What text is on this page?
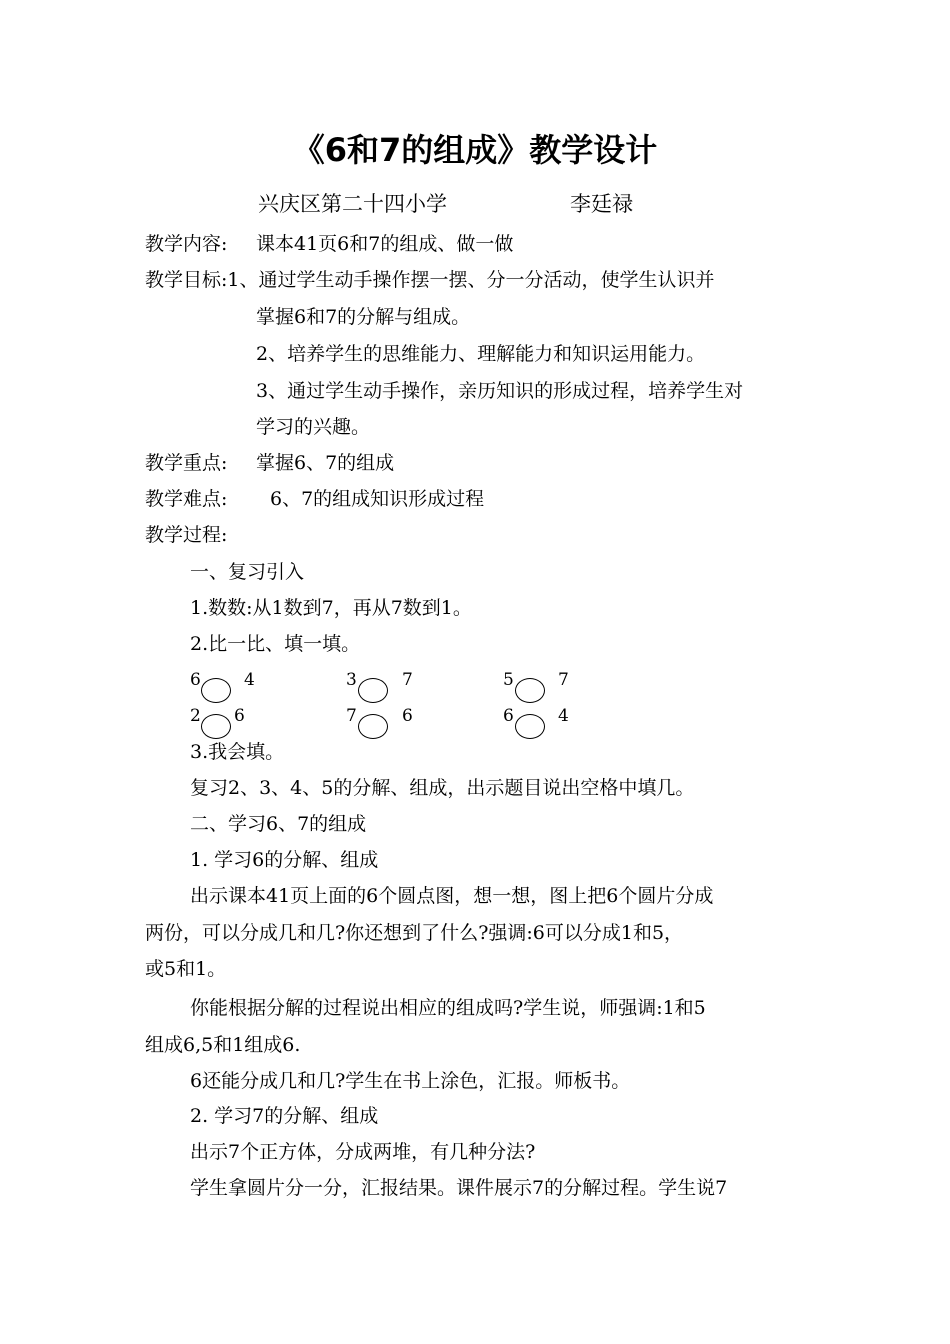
《6和7的组成》教学设计
兴庆区第二十四小学	李廷禄
教学内容: 课本41页6和7的组成、做一做
教学目标:1、通过学生动手操作摆一摆、分一分活动，使学生认识并
掌握6和7的分解与组成。
2、培养学生的思维能力、理解能力和知识运用能力。
3、通过学生动手操作，亲历知识的形成过程，培养学生对
学习的兴趣。
教学重点: 掌握6、7的组成
教学难点: 6、7的组成知识形成过程
教学过程:
一、复习引入
1.数数:从1数到7，再从7数到1。
2.比一比、填一填。
6	4	3	7	5	7
2 6	7	6	6	4
3.我会填。
复习2、3、4、5的分解、组成，出示题目说出空格中填几。
二、学习6、7的组成
1. 学习6的分解、组成
出示课本41页上面的6个圆点图，想一想，图上把6个圆片分成
两份，可以分成几和几?你还想到了什么?强调:6可以分成1和5，
或5和1。
你能根据分解的过程说出相应的组成吗?学生说，师强调:1和5
组成6,5和1组成6.
6还能分成几和几?学生在书上涂色，汇报。师板书。
2. 学习7的分解、组成
出示7个正方体，分成两堆，有几种分法?
学生拿圆片分一分，汇报结果。课件展示7的分解过程。学生说7
